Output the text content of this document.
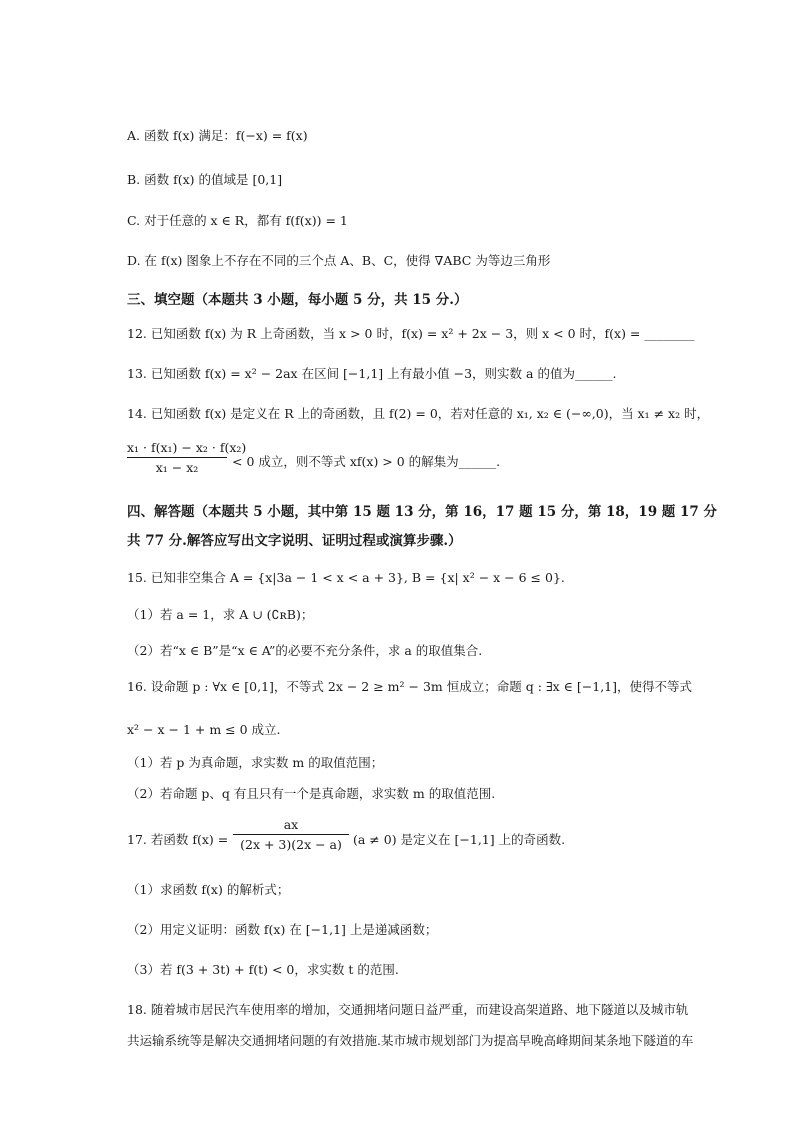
A. 函数 f(x) 满足：f(−x) = f(x)
B. 函数 f(x) 的值域是 [0,1]
C. 对于任意的 x ∈ R，都有 f(f(x)) = 1
D. 在 f(x) 图象上不存在不同的三个点 A、B、C，使得 ∇ABC 为等边三角形
三、填空题（本题共 3 小题，每小题 5 分，共 15 分.）
12. 已知函数 f(x) 为 R 上奇函数，当 x > 0 时，f(x) = x² + 2x − 3，则 x < 0 时，f(x) = ________
13. 已知函数 f(x) = x² − 2ax 在区间 [−1,1] 上有最小值 −3，则实数 a 的值为______.
14. 已知函数 f(x) 是定义在 R 上的奇函数，且 f(2) = 0，若对任意的 x₁, x₂ ∈ (−∞,0)，当 x₁ ≠ x₂ 时，
x₁ · f(x₁) − x₂ · f(x₂)
x₁ − x₂	< 0 成立，则不等式 xf(x) > 0 的解集为______.
四、解答题（本题共 5 小题，其中第 15 题 13 分，第 16，17 题 15 分，第 18，19 题 17 分
共 77 分.解答应写出文字说明、证明过程或演算步骤.）
15. 已知非空集合 A = {x|3a − 1 < x < a + 3}, B = {x| x² − x − 6 ≤ 0}.
（1）若 a = 1，求 A ∪ (∁ʀB)；
（2）若“x ∈ B”是“x ∈ A”的必要不充分条件，求 a 的取值集合.
16. 设命题 p : ∀x ∈ [0,1]，不等式 2x − 2 ≥ m² − 3m 恒成立；命题 q : ∃x ∈ [−1,1]，使得不等式
x² − x − 1 + m ≤ 0 成立.
（1）若 p 为真命题，求实数 m 的取值范围；
（2）若命题 p、q 有且只有一个是真命题，求实数 m 的取值范围.
17. 若函数 f(x) =
ax
(2x + 3)(2x − a) (a ≠ 0) 是定义在 [−1,1] 上的奇函数.
（1）求函数 f(x) 的解析式；
（2）用定义证明：函数 f(x) 在 [−1,1] 上是递减函数；
（3）若 f(3 + 3t) + f(t) < 0，求实数 t 的范围.
18. 随着城市居民汽车使用率的增加，交通拥堵问题日益严重，而建设高架道路、地下隧道以及城市轨
共运输系统等是解决交通拥堵问题的有效措施.某市城市规划部门为提高早晚高峰期间某条地下隧道的车
